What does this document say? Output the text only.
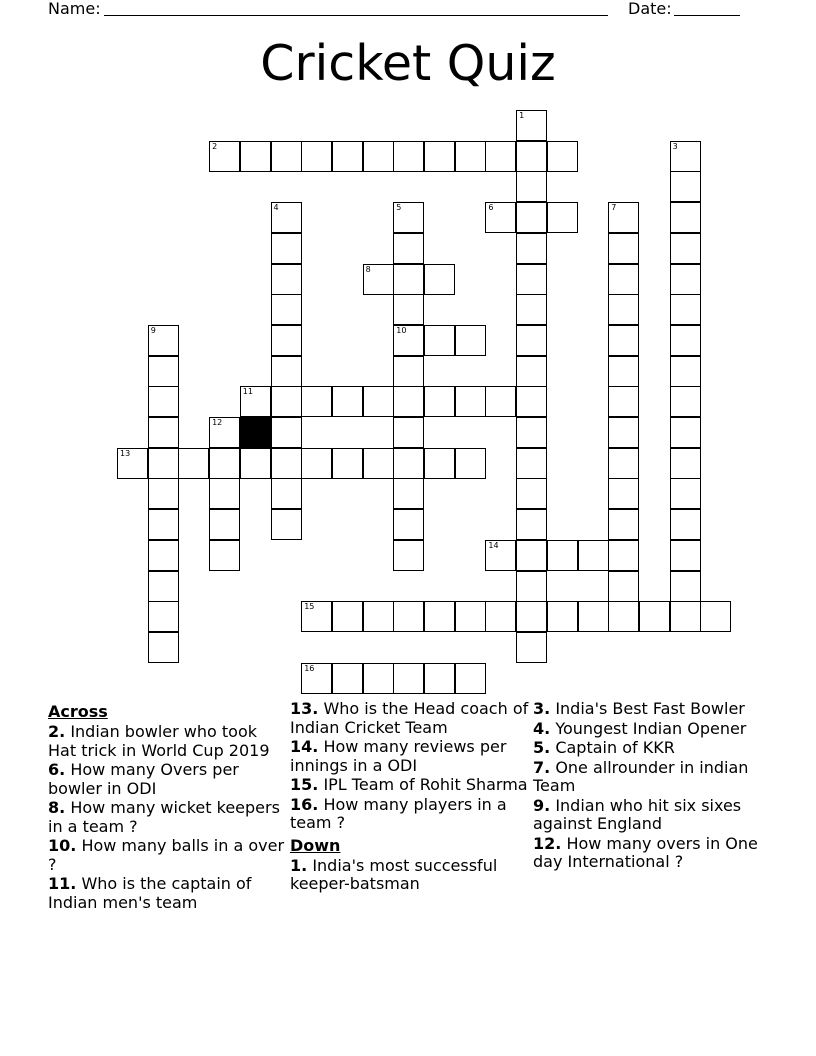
Name:	Date:
Cricket Quiz
2
6
8
10
11
13
14
15
16
1
3
4	5	7
9
12
Across
2. Indian bowler who took Hat trick in World Cup 2019
6. How many Overs per bowler in ODI
8. How many wicket keepers in a team ?
10. How many balls in a over ?
11. Who is the captain of Indian men's team
13. Who is the Head coach of Indian Cricket Team
14. How many reviews per innings in a ODI
15. IPL Team of Rohit Sharma
16. How many players in a team ?
Down
1. India's most successful keeper-batsman
3. India's Best Fast Bowler
4. Youngest Indian Opener
5. Captain of KKR
7. One allrounder in indian Team
9. Indian who hit six sixes against England
12. How many overs in One day International ?
